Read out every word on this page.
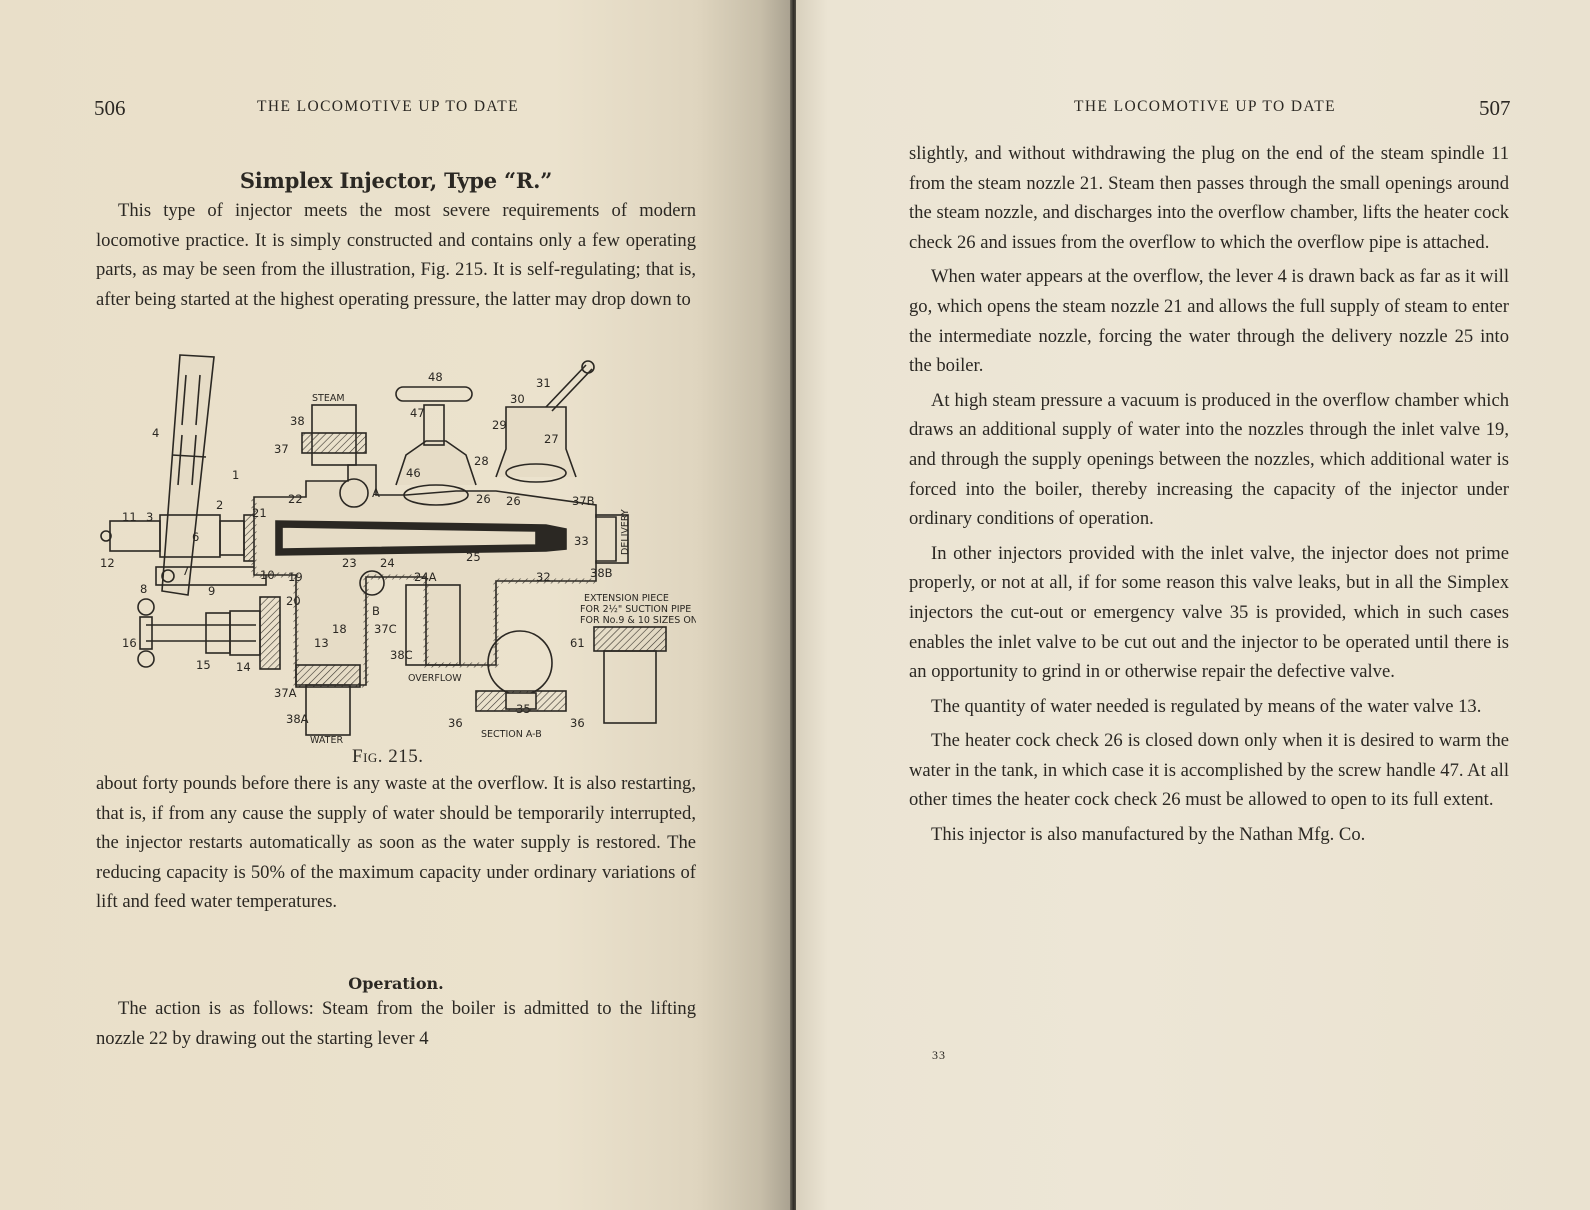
506	THE LOCOMOTIVE UP TO DATE
Simplex Injector, Type “R.”

This type of injector meets the most severe requirements of modern locomotive practice. It is simply constructed and contains only a few operating parts, as may be seen from the illustration, Fig. 215. It is self-regulating; that is, after being started at the highest operating pressure, the latter may drop down to

STEAM
WATER
OVERFLOW
DELIVERY
SECTION A-B
EXTENSION PIECE
FOR 2½" SUCTION PIPE
FOR No.9 & 10 SIZES ONLY
A
B
4
1
2
3
11
12
6
7
8	9
10
16
15 14
13
18
19
20
21
22
23 24
24A
25
26 26
27
28
29
30
31
32
33
35
36	36
37
37A
37B
37C
38
38A
38B
38C
46
47
48
61
Fig. 215.

about forty pounds before there is any waste at the overflow. It is also restarting, that is, if from any cause the supply of water should be temporarily interrupted, the injector restarts automatically as soon as the water supply is restored. The reducing capacity is 50% of the maximum capacity under ordinary variations of lift and feed water temperatures.

Operation.

The action is as follows: Steam from the boiler is admitted to the lifting nozzle 22 by drawing out the starting lever 4

THE LOCOMOTIVE UP TO DATE	507

slightly, and without withdrawing the plug on the end of the steam spindle 11 from the steam nozzle 21. Steam then passes through the small openings around the steam nozzle, and discharges into the overflow chamber, lifts the heater cock check 26 and issues from the overflow to which the overflow pipe is attached.

When water appears at the overflow, the lever 4 is drawn back as far as it will go, which opens the steam nozzle 21 and allows the full supply of steam to enter the intermediate nozzle, forcing the water through the delivery nozzle 25 into the boiler.

At high steam pressure a vacuum is produced in the overflow chamber which draws an additional supply of water into the nozzles through the inlet valve 19, and through the supply openings between the nozzles, which additional water is forced into the boiler, thereby increasing the capacity of the injector under ordinary conditions of operation.

In other injectors provided with the inlet valve, the injector does not prime properly, or not at all, if for some reason this valve leaks, but in all the Simplex injectors the cut-out or emergency valve 35 is provided, which in such cases enables the inlet valve to be cut out and the injector to be operated until there is an opportunity to grind in or otherwise repair the defective valve.

The quantity of water needed is regulated by means of the water valve 13.

The heater cock check 26 is closed down only when it is desired to warm the water in the tank, in which case it is accomplished by the screw handle 47. At all other times the heater cock check 26 must be allowed to open to its full extent.

This injector is also manufactured by the Nathan Mfg. Co.

33
